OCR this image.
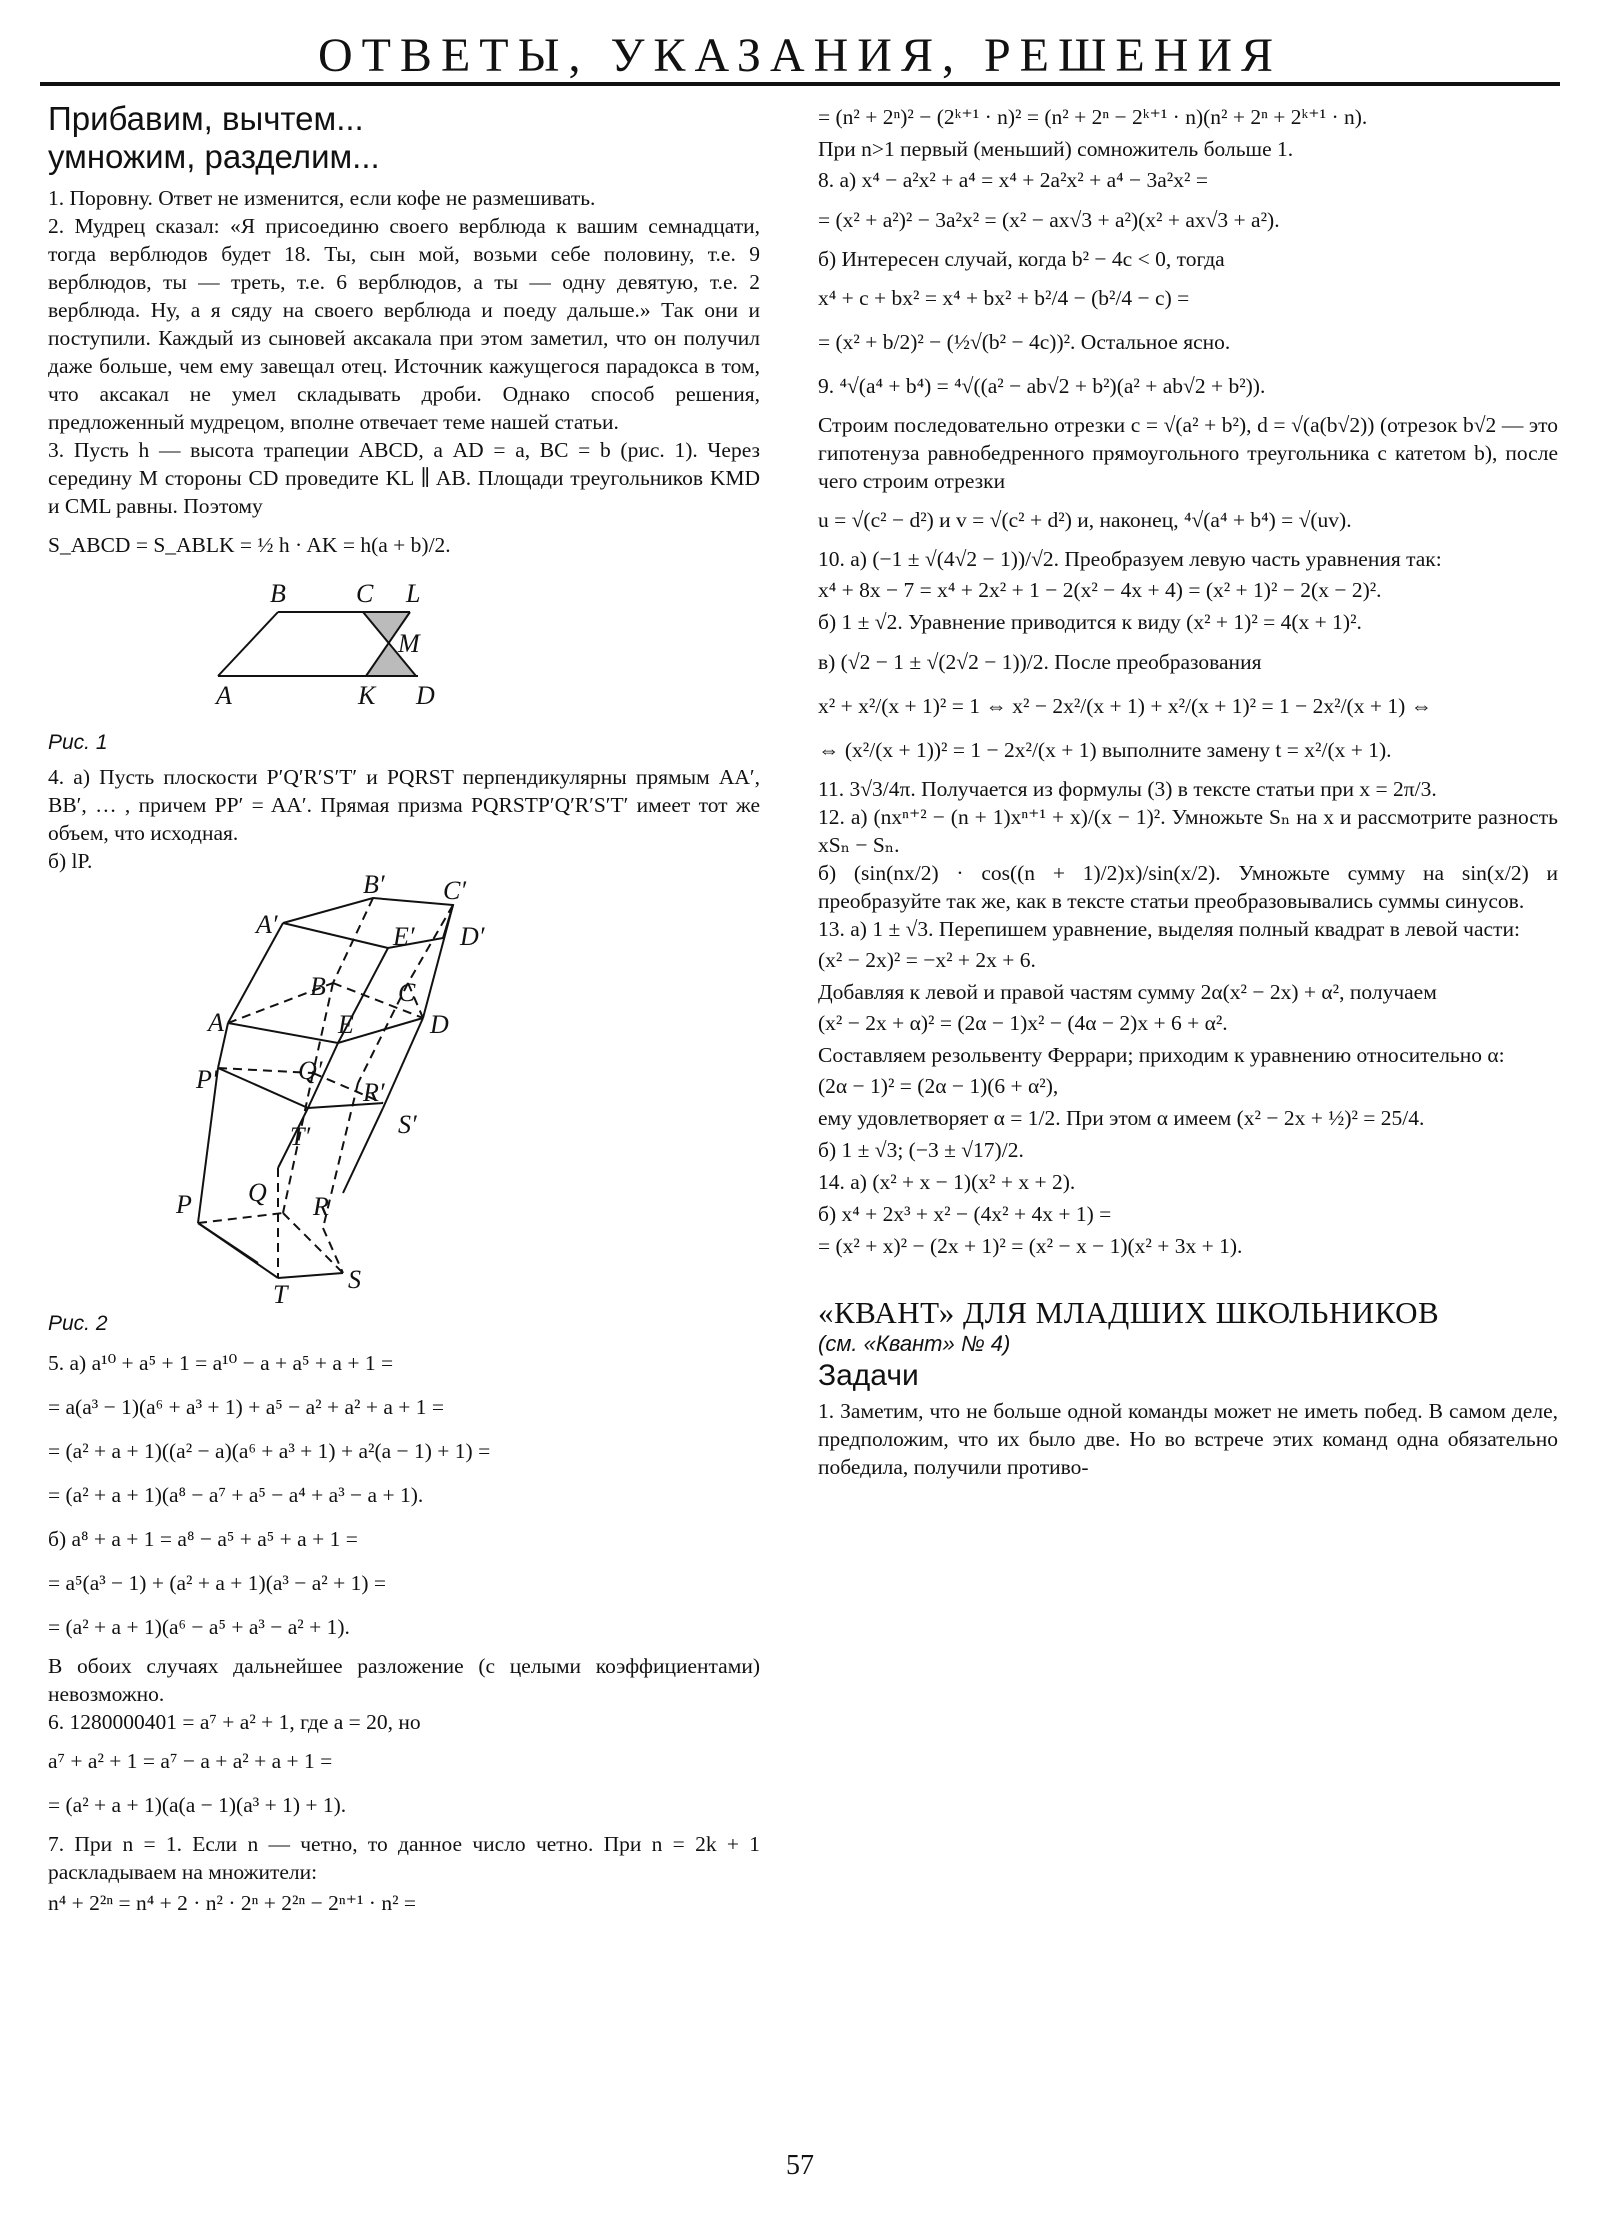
ОТВЕТЫ, УКАЗАНИЯ, РЕШЕНИЯ
Прибавим, вычтем...
умножим, разделим...

1. Поровну. Ответ не изменится, если кофе не размешивать.

2. Мудрец сказал: «Я присоединю своего верблюда к вашим семнадцати, тогда верблюдов будет 18. Ты, сын мой, возьми себе половину, т.е. 9 верблюдов, ты — треть, т.е. 6 верблюдов, а ты — одну девятую, т.е. 2 верблюда. Ну, а я сяду на своего верблюда и поеду дальше.» Так они и поступили. Каждый из сыновей аксакала при этом заметил, что он получил даже больше, чем ему завещал отец. Источник кажущегося парадокса в том, что аксакал не умел складывать дроби. Однако способ решения, предложенный мудрецом, вполне отвечает теме нашей статьи.

3. Пусть h — высота трапеции ABCD, а AD = a, BC = b (рис. 1). Через середину M стороны CD проведите KL ∥ AB. Площади треугольников KMD и CML равны. Поэтому

S_ABCD = S_ABLK = ½ h · AK = h(a + b)/2.
B	C L
M
A	K D
Рис. 1

4. а) Пусть плоскости P′Q′R′S′T′ и PQRST перпендикулярны прямым AA′, BB′, … , причем PP′ = AA′. Прямая призма PQRSTP′Q′R′S′T′ имеет тот же объем, что исходная.

б) lP.

B′ C′
A′	E′ D′
B	C
A	E	D
Q′
P′	R′
S′
T′
Q
P	R
T
S
Рис. 2
5. а) a¹⁰ + a⁵ + 1 = a¹⁰ − a + a⁵ + a + 1 =
= a(a³ − 1)(a⁶ + a³ + 1) + a⁵ − a² + a² + a + 1 =
= (a² + a + 1)((a² − a)(a⁶ + a³ + 1) + a²(a − 1) + 1) =
= (a² + a + 1)(a⁸ − a⁷ + a⁵ − a⁴ + a³ − a + 1).
б) a⁸ + a + 1 = a⁸ − a⁵ + a⁵ + a + 1 =
= a⁵(a³ − 1) + (a² + a + 1)(a³ − a² + 1) =
= (a² + a + 1)(a⁶ − a⁵ + a³ − a² + 1).

В обоих случаях дальнейшее разложение (с целыми коэффициентами) невозможно.

6. 1280000401 = a⁷ + a² + 1, где a = 20, но

a⁷ + a² + 1 = a⁷ − a + a² + a + 1 =
= (a² + a + 1)(a(a − 1)(a³ + 1) + 1).

7. При n = 1. Если n — четно, то данное число четно. При n = 2k + 1 раскладываем на множители:

n⁴ + 2²ⁿ = n⁴ + 2 · n² · 2ⁿ + 2²ⁿ − 2ⁿ⁺¹ · n² =
= (n² + 2ⁿ)² − (2ᵏ⁺¹ · n)² = (n² + 2ⁿ − 2ᵏ⁺¹ · n)(n² + 2ⁿ + 2ᵏ⁺¹ · n).

При n>1 первый (меньший) сомножитель больше 1.

8. а) x⁴ − a²x² + a⁴ = x⁴ + 2a²x² + a⁴ − 3a²x² =
= (x² + a²)² − 3a²x² = (x² − ax√3 + a²)(x² + ax√3 + a²).

б) Интересен случай, когда b² − 4c < 0, тогда

x⁴ + c + bx² = x⁴ + bx² + b²/4 − (b²/4 − c) =
= (x² + b/2)² − (½√(b² − 4c))². Остальное ясно.
9. ⁴√(a⁴ + b⁴) = ⁴√((a² − ab√2 + b²)(a² + ab√2 + b²)).

Строим последовательно отрезки c = √(a² + b²), d = √(a(b√2)) (отрезок b√2 — это гипотенуза равнобедренного прямоугольного треугольника с катетом b), после чего строим отрезки

u = √(c² − d²) и v = √(c² + d²) и, наконец, ⁴√(a⁴ + b⁴) = √(uv).

10. а) (−1 ± √(4√2 − 1))/√2. Преобразуем левую часть уравнения так:

x⁴ + 8x − 7 = x⁴ + 2x² + 1 − 2(x² − 4x + 4) = (x² + 1)² − 2(x − 2)².
б) 1 ± √2. Уравнение приводится к виду (x² + 1)² = 4(x + 1)².
в) (√2 − 1 ± √(2√2 − 1))/2. После преобразования
x² + x²/(x + 1)² = 1 ⇔ x² − 2x²/(x + 1) + x²/(x + 1)² = 1 − 2x²/(x + 1) ⇔
⇔ (x²/(x + 1))² = 1 − 2x²/(x + 1) выполните замену t = x²/(x + 1).

11. 3√3/4π. Получается из формулы (3) в тексте статьи при x = 2π/3.

12. а) (nxⁿ⁺² − (n + 1)xⁿ⁺¹ + x)/(x − 1)². Умножьте Sₙ на x и рассмотрите разность xSₙ − Sₙ.

б) (sin(nx/2) · cos((n + 1)/2)x)/sin(x/2). Умножьте сумму на sin(x/2) и преобразуйте так же, как в тексте статьи преобразовывались суммы синусов.

13. а) 1 ± √3. Перепишем уравнение, выделяя полный квадрат в левой части:

(x² − 2x)² = −x² + 2x + 6.

Добавляя к левой и правой частям сумму 2α(x² − 2x) + α², получаем

(x² − 2x + α)² = (2α − 1)x² − (4α − 2)x + 6 + α².

Составляем резольвенту Феррари; приходим к уравнению относительно α:

(2α − 1)² = (2α − 1)(6 + α²),
ему удовлетворяет α = 1/2. При этом α имеем (x² − 2x + ½)² = 25/4.
б) 1 ± √3; (−3 ± √17)/2.
14. а) (x² + x − 1)(x² + x + 2).
б) x⁴ + 2x³ + x² − (4x² + 4x + 1) =
= (x² + x)² − (2x + 1)² = (x² − x − 1)(x² + 3x + 1).
«КВАНТ» ДЛЯ МЛАДШИХ ШКОЛЬНИКОВ
(см. «Квант» № 4)
Задачи

1. Заметим, что не больше одной команды может не иметь побед. В самом деле, предположим, что их было две. Но во встрече этих команд одна обязательно победила, получили противо-

57
